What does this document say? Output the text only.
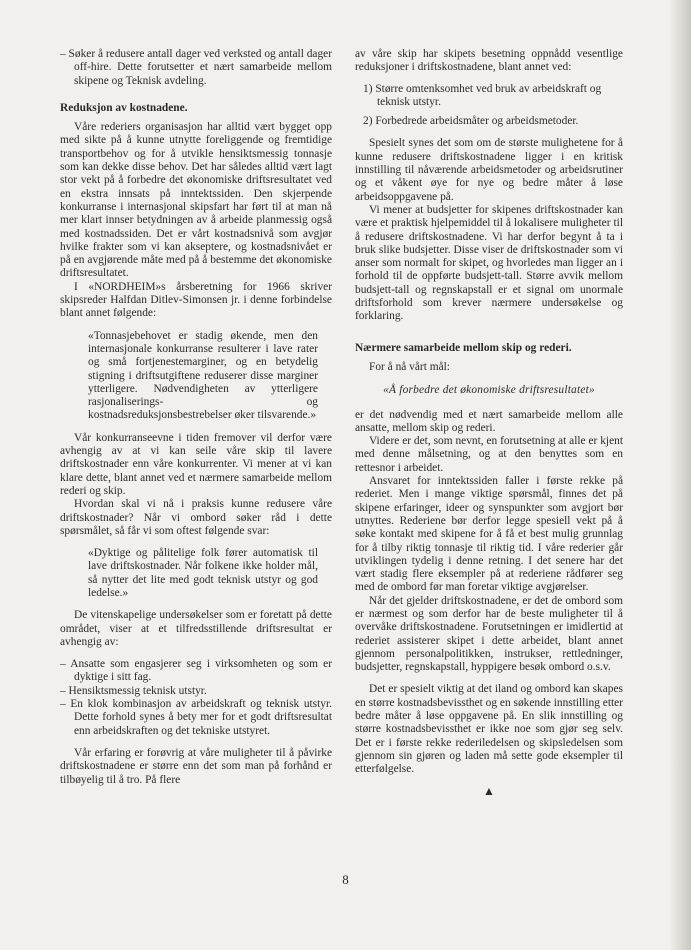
– Søker å redusere antall dager ved verksted og antall dager off-hire. Dette forutsetter et nært samarbeide mellom skipene og Teknisk avdeling.

Reduksjon av kostnadene.

Våre rederiers organisasjon har alltid vært bygget opp med sikte på å kunne utnytte foreliggende og fremtidige transportbehov og for å utvikle hensiktsmessig tonnasje som kan dekke disse behov. Det har således alltid vært lagt stor vekt på å forbedre det økonomiske driftsresultatet ved en ekstra innsats på inntektssiden. Den skjerpende konkurranse i internasjonal skipsfart har ført til at man nå mer klart innser betydningen av å arbeide planmessig også med kostnadssiden. Det er vårt kostnadsnivå som avgjør hvilke frakter som vi kan akseptere, og kostnadsnivået er på en avgjørende måte med på å bestemme det økonomiske driftsresultatet.

I «NORDHEIM»s årsberetning for 1966 skriver skipsreder Halfdan Ditlev-Simonsen jr. i denne forbindelse blant annet følgende:

«Tonnasjebehovet er stadig økende, men den internasjonale konkurranse resulterer i lave rater og små fortjenestemarginer, og en betydelig stigning i driftsutgiftene reduserer disse marginer ytterligere. Nødvendigheten av ytterligere rasjonaliserings- og kostnadsreduksjonsbestrebelser øker tilsvarende.»

Vår konkurranseevne i tiden fremover vil derfor være avhengig av at vi kan seile våre skip til lavere driftskostnader enn våre konkurrenter. Vi mener at vi kan klare dette, blant annet ved et nærmere samarbeide mellom rederi og skip.

Hvordan skal vi nå i praksis kunne redusere våre driftskostnader? Når vi ombord søker råd i dette spørsmålet, så får vi som oftest følgende svar:

«Dyktige og pålitelige folk fører automatisk til lave driftskostnader. Når folkene ikke holder mål, så nytter det lite med godt teknisk utstyr og god ledelse.»

De vitenskapelige undersøkelser som er foretatt på dette området, viser at et tilfredsstillende driftsresultat er avhengig av:

– Ansatte som engasjerer seg i virksomheten og som er dyktige i sitt fag.

– Hensiktsmessig teknisk utstyr.

– En klok kombinasjon av arbeidskraft og teknisk utstyr. Dette forhold synes å bety mer for et godt driftsresultat enn arbeidskraften og det tekniske utstyret.

Vår erfaring er forøvrig at våre muligheter til å påvirke driftskostnadene er større enn det som man på forhånd er tilbøyelig til å tro. På flere

av våre skip har skipets besetning oppnådd vesentlige reduksjoner i driftskostnadene, blant annet ved:

1) Større omtenksomhet ved bruk av arbeidskraft og teknisk utstyr.

2) Forbedrede arbeidsmåter og arbeidsmetoder.

Spesielt synes det som om de største mulighetene for å kunne redusere driftskostnadene ligger i en kritisk innstilling til nåværende arbeidsmetoder og arbeidsrutiner og et våkent øye for nye og bedre måter å løse arbeidsoppgavene på.

Vi mener at budsjetter for skipenes driftskostnader kan være et praktisk hjelpemiddel til å lokalisere muligheter til å redusere driftskostnadene. Vi har derfor begynt å ta i bruk slike budsjetter. Disse viser de driftskostnader som vi anser som normalt for skipet, og hvorledes man ligger an i forhold til de oppførte budsjett-tall. Større avvik mellom budsjett-tall og regnskapstall er et signal om unormale driftsforhold som krever nærmere undersøkelse og forklaring.

Nærmere samarbeide mellom skip og rederi.

For å nå vårt mål:

«Å forbedre det økonomiske driftsresultatet»

er det nødvendig med et nært samarbeide mellom alle ansatte, mellom skip og rederi.

Videre er det, som nevnt, en forutsetning at alle er kjent med denne målsetning, og at den benyttes som en rettesnor i arbeidet.

Ansvaret for inntektssiden faller i første rekke på rederiet. Men i mange viktige spørsmål, finnes det på skipene erfaringer, ideer og synspunkter som avgjort bør utnyttes. Rederiene bør derfor legge spesiell vekt på å søke kontakt med skipene for å få et best mulig grunnlag for å tilby riktig tonnasje til riktig tid. I våre rederier går utviklingen tydelig i denne retning. I det senere har det vært stadig flere eksempler på at rederiene rådfører seg med de ombord før man foretar viktige avgjørelser.

Når det gjelder driftskostnadene, er det de ombord som er nærmest og som derfor har de beste muligheter til å overvåke driftskostnadene. Forutsetningen er imidlertid at rederiet assisterer skipet i dette arbeidet, blant annet gjennom personalpolitikken, instrukser, rettledninger, budsjetter, regnskapstall, hyppigere besøk ombord o.s.v.

Det er spesielt viktig at det iland og ombord kan skapes en større kostnadsbevissthet og en søkende innstilling etter bedre måter å løse oppgavene på. En slik innstilling og større kostnadsbevissthet er ikke noe som gjør seg selv. Det er i første rekke rederiledelsen og skipsledelsen som gjennom sin gjøren og laden må sette gode eksempler til etterfølgelse.

▲

8
